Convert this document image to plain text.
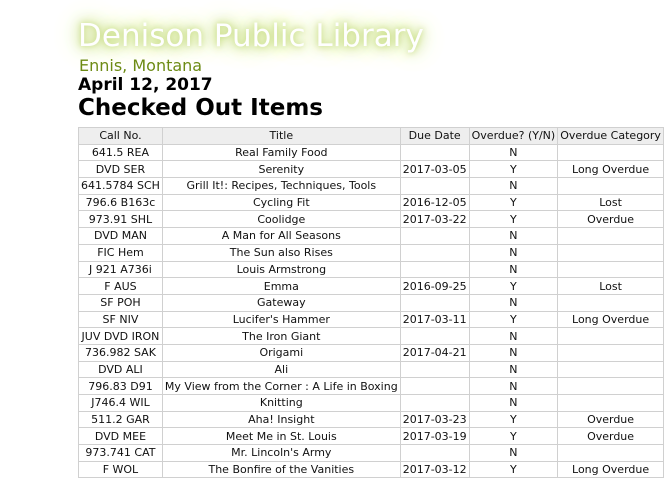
Denison Public Library
Ennis, Montana
April 12, 2017
Checked Out Items
Call No.	Title	Due Date	Overdue? (Y/N)	Overdue Category
641.5 REA	Real Family Food		N	
DVD SER	Serenity	2017-03-05	Y	Long Overdue
641.5784 SCH	Grill It!: Recipes, Techniques, Tools		N	
796.6 B163c	Cycling Fit	2016-12-05	Y	Lost
973.91 SHL	Coolidge	2017-03-22	Y	Overdue
DVD MAN	A Man for All Seasons		N	
FIC Hem	The Sun also Rises		N	
J 921 A736i	Louis Armstrong		N	
F AUS	Emma	2016-09-25	Y	Lost
SF POH	Gateway		N	
SF NIV	Lucifer's Hammer	2017-03-11	Y	Long Overdue
JUV DVD IRON	The Iron Giant		N	
736.982 SAK	Origami	2017-04-21	N	
DVD ALI	Ali		N	
796.83 D91	My View from the Corner : A Life in Boxing		N	
J746.4 WIL	Knitting		N	
511.2 GAR	Aha! Insight	2017-03-23	Y	Overdue
DVD MEE	Meet Me in St. Louis	2017-03-19	Y	Overdue
973.741 CAT	Mr. Lincoln's Army		N	
F WOL	The Bonfire of the Vanities	2017-03-12	Y	Long Overdue
